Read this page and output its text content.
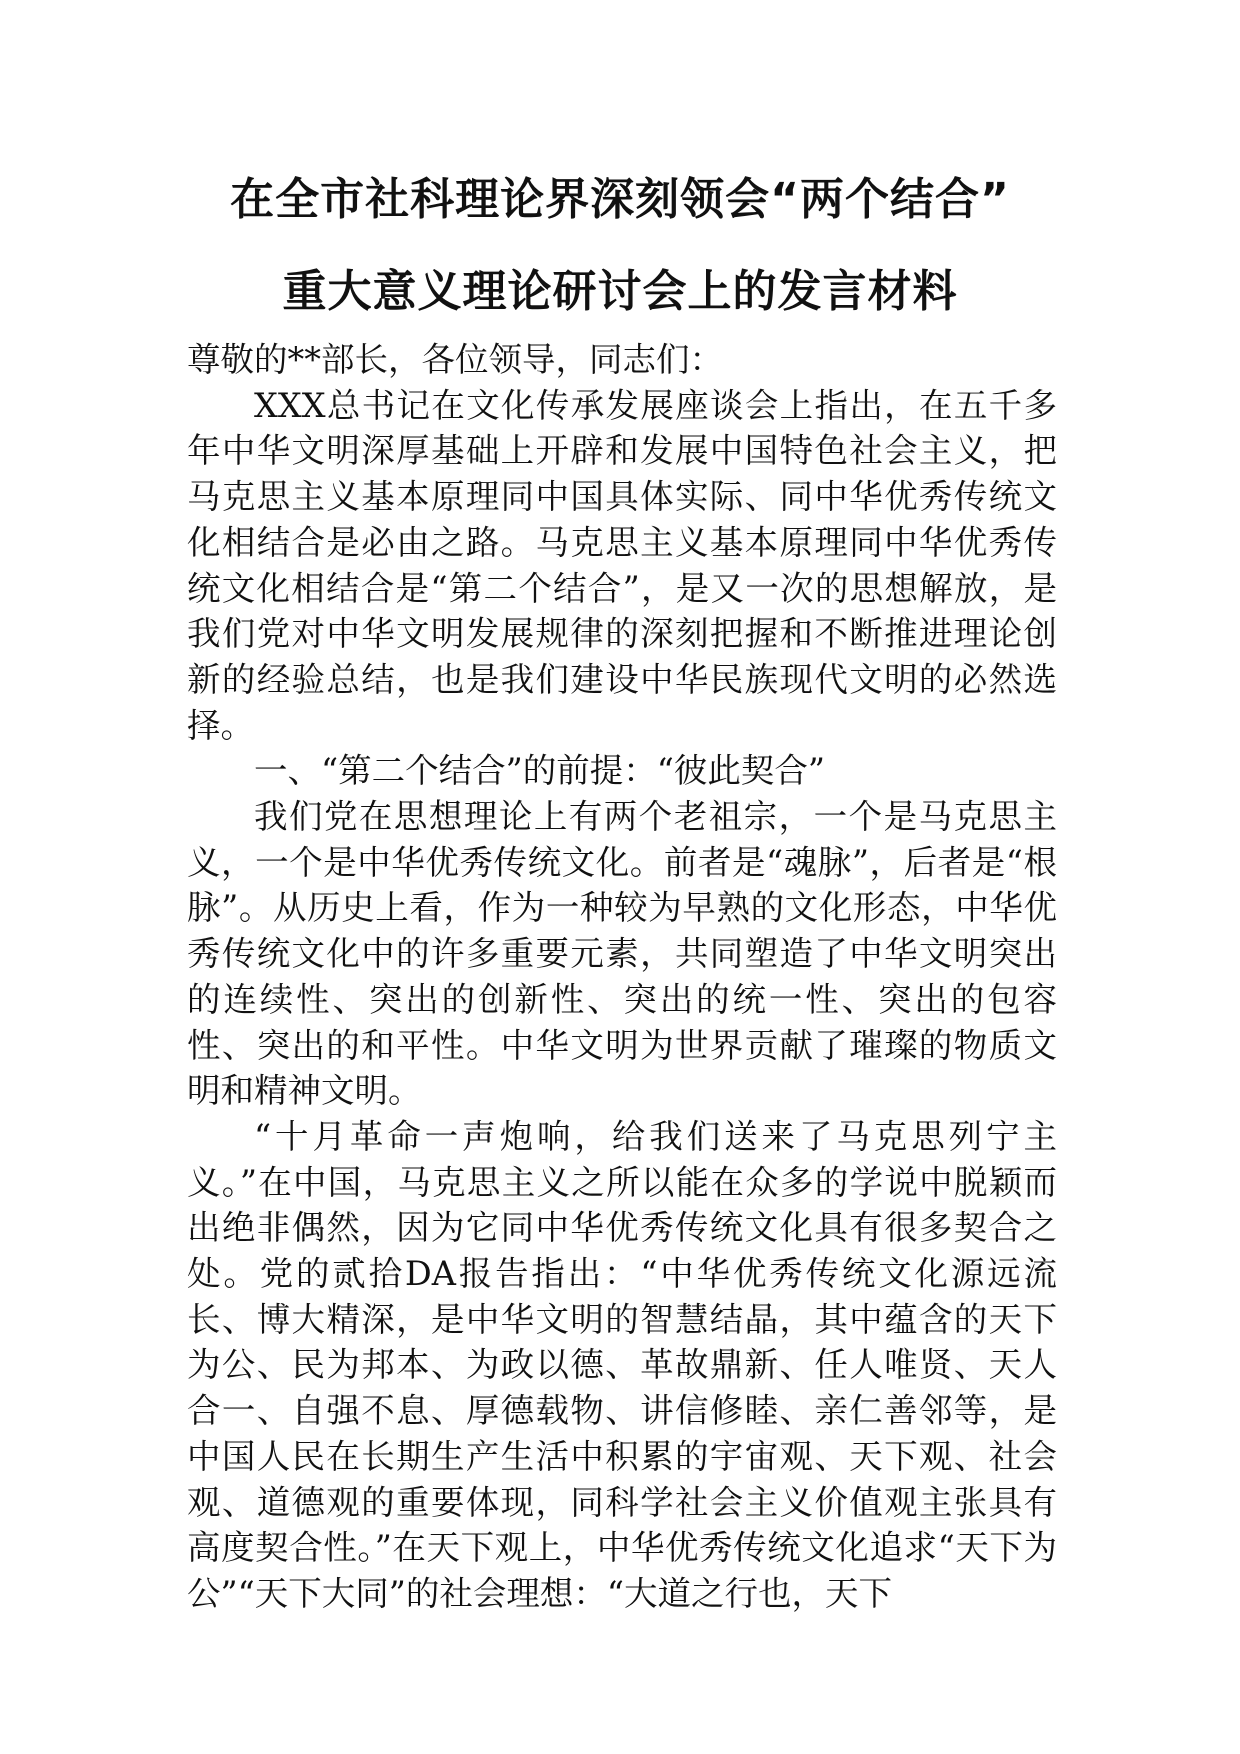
在全市社科理论界深刻领会“两个结合”
重大意义理论研讨会上的发言材料

尊敬的**部长，各位领导，同志们：

XXX总书记在文化传承发展座谈会上指出，在五千多年中华文明深厚基础上开辟和发展中国特色社会主义，把马克思主义基本原理同中国具体实际、同中华优秀传统文化相结合是必由之路。马克思主义基本原理同中华优秀传统文化相结合是“第二个结合”，是又一次的思想解放，是我们党对中华文明发展规律的深刻把握和不断推进理论创新的经验总结，也是我们建设中华民族现代文明的必然选择。

一、“第二个结合”的前提：“彼此契合”

我们党在思想理论上有两个老祖宗，一个是马克思主义，一个是中华优秀传统文化。前者是“魂脉”，后者是“根脉”。从历史上看，作为一种较为早熟的文化形态，中华优秀传统文化中的许多重要元素，共同塑造了中华文明突出的连续性、突出的创新性、突出的统一性、突出的包容性、突出的和平性。中华文明为世界贡献了璀璨的物质文明和精神文明。

“十月革命一声炮响，给我们送来了马克思列宁主义。”在中国，马克思主义之所以能在众多的学说中脱颖而出绝非偶然，因为它同中华优秀传统文化具有很多契合之处。党的贰拾DA报告指出：“中华优秀传统文化源远流长、博大精深，是中华文明的智慧结晶，其中蕴含的天下为公、民为邦本、为政以德、革故鼎新、任人唯贤、天人合一、自强不息、厚德载物、讲信修睦、亲仁善邻等，是中国人民在长期生产生活中积累的宇宙观、天下观、社会观、道德观的重要体现，同科学社会主义价值观主张具有高度契合性。”在天下观上，中华优秀传统文化追求“天下为公”“天下大同”的社会理想：“大道之行也，天下
